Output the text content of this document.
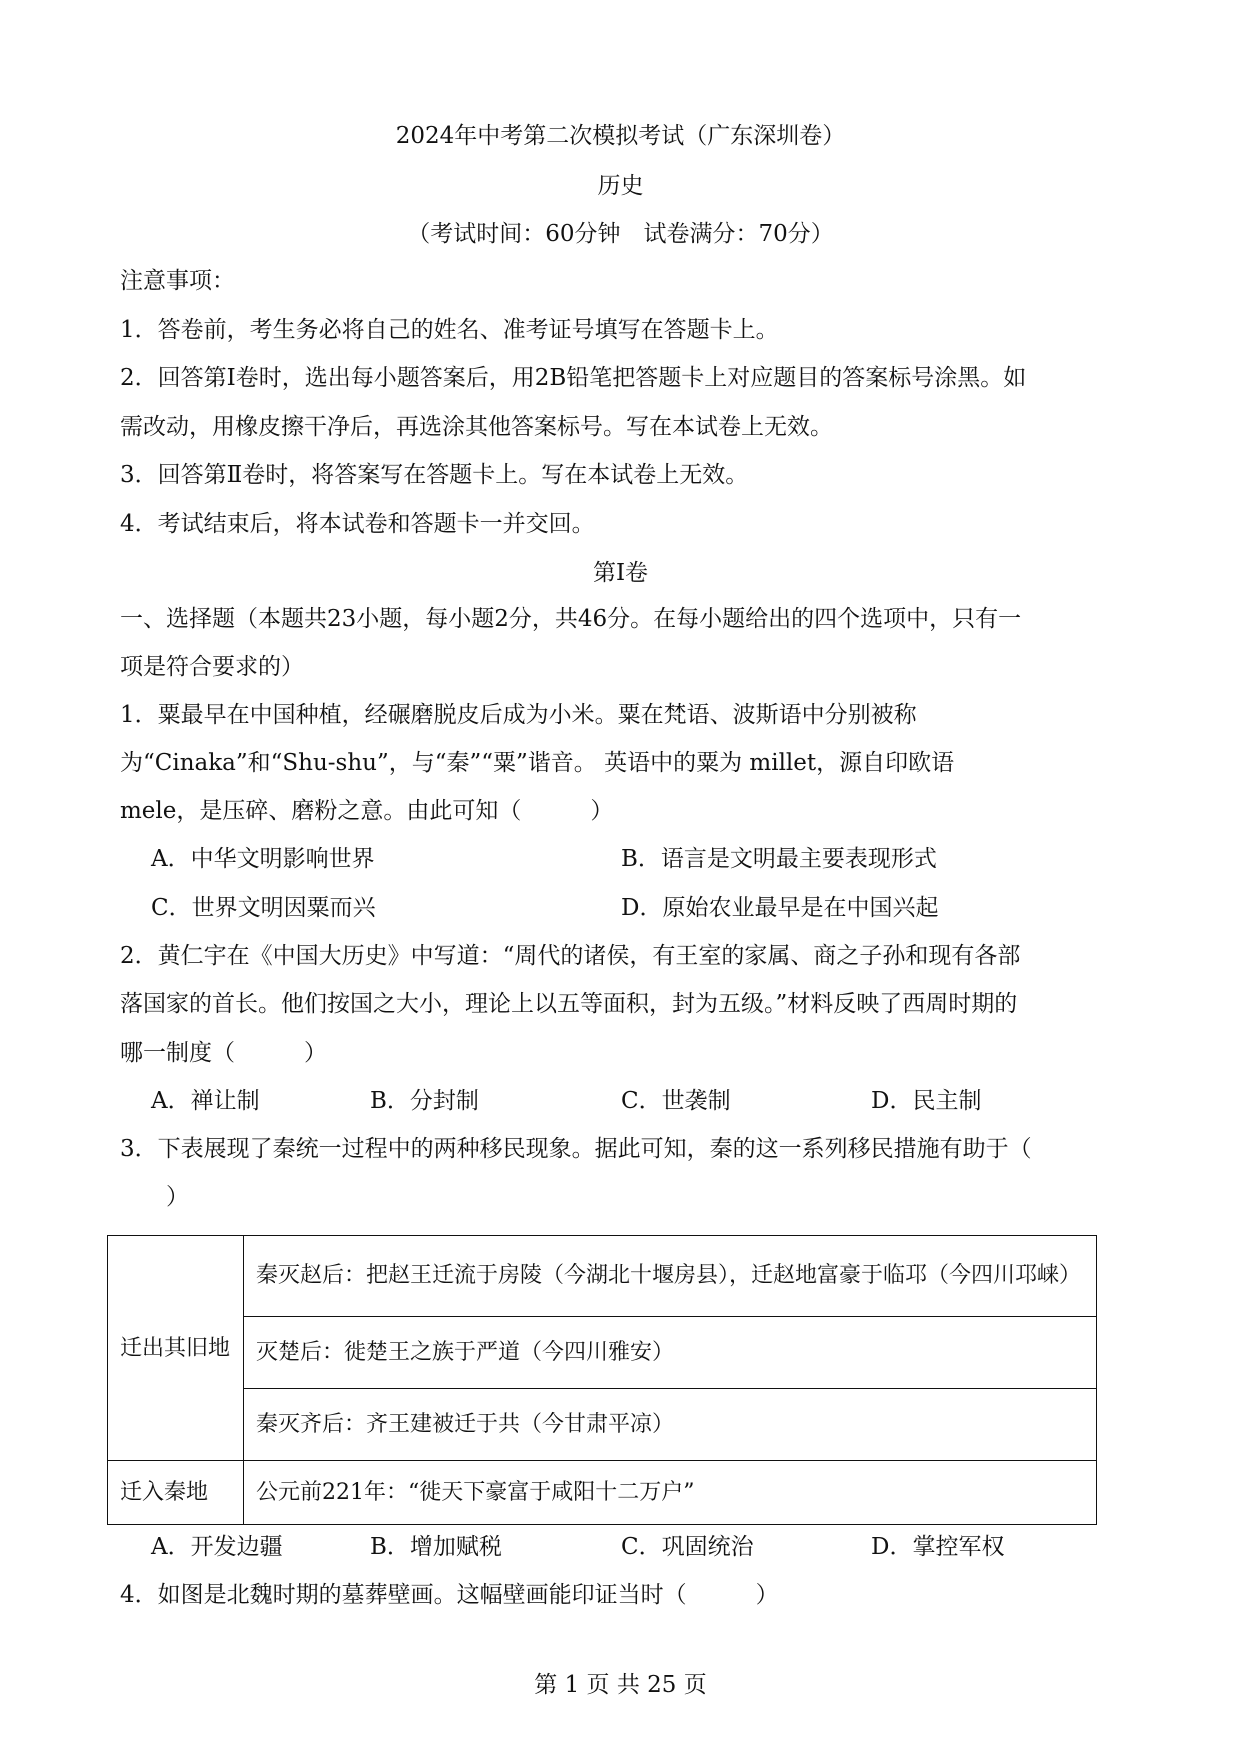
2024年中考第二次模拟考试（广东深圳卷）
历史
（考试时间：60分钟　试卷满分：70分）
注意事项：
1．答卷前，考生务必将自己的姓名、准考证号填写在答题卡上。
2．回答第Ⅰ卷时，选出每小题答案后，用2B铅笔把答题卡上对应题目的答案标号涂黑。如
需改动，用橡皮擦干净后，再选涂其他答案标号。写在本试卷上无效。
3．回答第Ⅱ卷时，将答案写在答题卡上。写在本试卷上无效。
4．考试结束后，将本试卷和答题卡一并交回。
第Ⅰ卷
一、选择题（本题共23小题，每小题2分，共46分。在每小题给出的四个选项中，只有一
项是符合要求的）
1．粟最早在中国种植，经碾磨脱皮后成为小米。粟在梵语、波斯语中分别被称
为“Cinaka”和“Shu-shu”，与“秦”“粟”谐音。 英语中的粟为 millet，源自印欧语
mele，是压碎、磨粉之意。由此可知（　　　）
A．中华文明影响世界	B．语言是文明最主要表现形式
C．世界文明因粟而兴	D．原始农业最早是在中国兴起
2．黄仁宇在《中国大历史》中写道：“周代的诸侯，有王室的家属、商之子孙和现有各部
落国家的首长。他们按国之大小，理论上以五等面积，封为五级。”材料反映了西周时期的
哪一制度（　　　）
A．禅让制	B．分封制	C．世袭制	D．民主制
3．下表展现了秦统一过程中的两种移民现象。据此可知，秦的这一系列移民措施有助于（
）
迁出其旧地	秦灭赵后：把赵王迁流于房陵（今湖北十堰房县），迁赵地富豪于临邛（今四川邛崃）
	灭楚后：徙楚王之族于严道（今四川雅安）
	秦灭齐后：齐王建被迁于共（今甘肃平凉）
迁入秦地	公元前221年：“徙天下豪富于咸阳十二万户”
A．开发边疆	B．增加赋税	C．巩固统治	D．掌控军权
4．如图是北魏时期的墓葬壁画。这幅壁画能印证当时（　　　）
第 1 页 共 25 页
